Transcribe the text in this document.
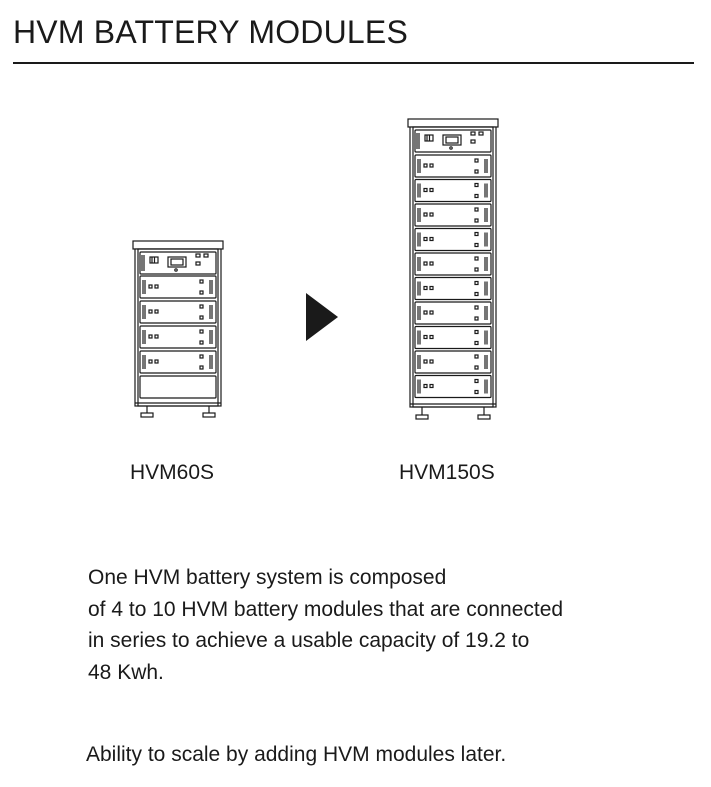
HVM BATTERY MODULES
HVM60S	HVM150S
One HVM battery system is composed
of 4 to 10 HVM battery modules that are connected
in series to achieve a usable capacity of 19.2 to
48 Kwh.
Ability to scale by adding HVM modules later.
